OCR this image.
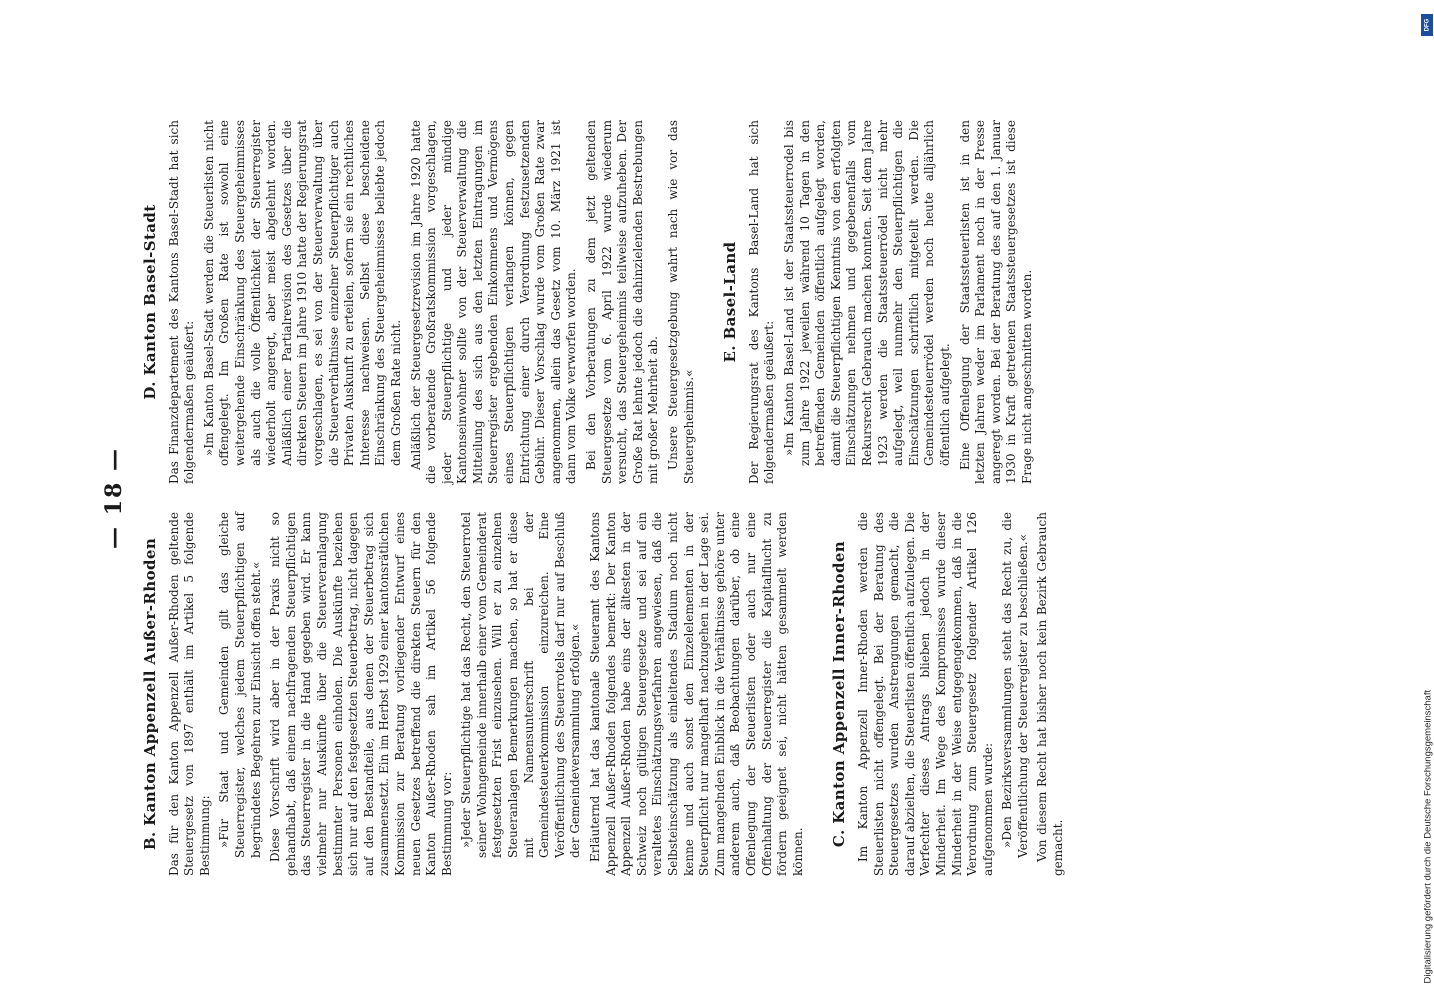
— 18 —
B. Kanton Appenzell Außer-Rhoden Das für den Kanton Appenzell Außer-Rhoden geltende Steuergesetz von 1897 enthält im Artikel 5 folgende Bestimmung: »Für Staat und Gemeinden gilt das gleiche Steuerregister, welches jedem Steuerpflichtigen auf begründetes Begehren zur Einsicht offen steht.« Diese Vorschrift wird aber in der Praxis nicht so gehandhabt, daß einem nachfragenden Steuerpflichtigen das Steuerregister in die Hand gegeben wird. Er kann vielmehr nur Auskünfte über die Steuerveranlagung bestimmter Personen einholen. Die Auskünfte beziehen sich nur auf den festgesetzten Steuerbetrag, nicht dagegen auf den Bestandteile, aus denen der Steuerbetrag sich zusammensetzt. Ein im Herbst 1929 einer kantonsrätlichen Kommission zur Beratung vorliegender Entwurf eines neuen Gesetzes betreffend die direkten Steuern für den Kanton Außer-Rhoden sah im Artikel 56 folgende Bestimmung vor: »Jeder Steuerpflichtige hat das Recht, den Steuerrotel seiner Wohngemeinde innerhalb einer vom Gemeinderat festgesetzten Frist einzusehen. Will er zu einzelnen Steueranlagen Bemerkungen machen, so hat er diese mit Namensunterschrift bei der Gemeindesteuerkommission einzureichen. Eine Veröffentlichung des Steuerrotels darf nur auf Beschluß der Gemeindeversammlung erfolgen.« Erläuternd hat das kantonale Steueramt des Kantons Appenzell Außer-Rhoden folgendes bemerkt: Der Kanton Appenzell Außer-Rhoden habe eins der ältesten in der Schweiz noch gültigen Steuergesetze und sei auf ein veraltetes Einschätzungsverfahren angewiesen, daß die Selbsteinschätzung als einleitendes Stadium noch nicht kenne und auch sonst den Einzelelementen in der Steuerpflicht nur mangelhaft nachzugehen in der Lage sei. Zum mangelnden Einblick in die Verhältnisse gehöre unter anderem auch, daß Beobachtungen darüber, ob eine Offenlegung der Steuerlisten oder auch nur eine Offenhaltung der Steuerregister die Kapitalflucht zu fördern geeignet sei, nicht hätten gesammelt werden können.

C. Kanton Appenzell Inner-Rhoden Im Kanton Appenzell Inner-Rhoden werden die Steuerlisten nicht offengelegt. Bei der Beratung des Steuergesetzes wurden Anstrengungen gemacht, die darauf abzielten, die Steuerlisten öffentlich aufzulegen. Die Verfechter dieses Antrags blieben jedoch in der Minderheit. Im Wege des Kompromisses wurde dieser Minderheit in der Weise entgegengekommen, daß in die Verordnung zum Steuergesetz folgender Artikel 126 aufgenommen wurde: »Den Bezirksversammlungen steht das Recht zu, die Veröffentlichung der Steuerregister zu beschließen.« Von diesem Recht hat bisher noch kein Bezirk Gebrauch gemacht.

D. Kanton Basel-Stadt Das Finanzdepartement des Kantons Basel-Stadt hat sich folgendermaßen geäußert: »Im Kanton Basel-Stadt werden die Steuerlisten nicht offengelegt. Im Großen Rate ist sowohl eine weitergehende Einschränkung des Steuergeheimnisses als auch die volle Öffentlichkeit der Steuerregister wiederholt angeregt, aber meist abgelehnt worden. Anläßlich einer Partialrevision des Gesetzes über die direkten Steuern im Jahre 1910 hatte der Regierungsrat vorgeschlagen, es sei von der Steuerverwaltung über die Steuerverhältnisse einzelner Steuerpflichtiger auch Privaten Auskunft zu erteilen, sofern sie ein rechtliches Interesse nachweisen. Selbst diese bescheidene Einschränkung des Steuergeheimnisses beliebte jedoch dem Großen Rate nicht. Anläßlich der Steuergesetzrevision im Jahre 1920 hatte die vorberatende Großratskommission vorgeschlagen, jeder Steuerpflichtige und jeder mündige Kantonseinwohner sollte von der Steuerverwaltung die Mitteilung des sich aus den letzten Eintragungen im Steuerregister ergebenden Einkommens und Vermögens eines Steuerpflichtigen verlangen können, gegen Entrichtung einer durch Verordnung festzusetzenden Gebühr. Dieser Vorschlag wurde vom Großen Rate zwar angenommen, allein das Gesetz vom 10. März 1921 ist dann vom Volke verworfen worden. Bei den Vorberatungen zu dem jetzt geltenden Steuergesetze vom 6. April 1922 wurde wiederum versucht, das Steuergeheimnis teilweise aufzuheben. Der Große Rat lehnte jedoch die dahinzielenden Bestrebungen mit großer Mehrheit ab. Unsere Steuergesetzgebung wahrt nach wie vor das Steuergeheimnis.«

E. Basel-Land Der Regierungsrat des Kantons Basel-Land hat sich folgendermaßen geäußert: »Im Kanton Basel-Land ist der Staatssteuerrodel bis zum Jahre 1922 jeweilen während 10 Tagen in den betreffenden Gemeinden öffentlich aufgelegt worden, damit die Steuerpflichtigen Kenntnis von den erfolgten Einschätzungen nehmen und gegebenenfalls vom Rekursrecht Gebrauch machen konnten. Seit dem Jahre 1923 werden die Staatssteuerrödel nicht mehr aufgelegt, weil nunmehr den Steuerpflichtigen die Einschätzungen schriftlich mitgeteilt werden. Die Gemeindesteuerrödel werden noch heute alljährlich öffentlich aufgelegt. Eine Offenlegung der Staatssteuerlisten ist in den letzten Jahren weder im Parlament noch in der Presse angeregt worden. Bei der Beratung des auf den 1. Januar 1930 in Kraft getretenen Staatssteuergesetzes ist diese Frage nicht angeschnitten worden.

DFG
Digitalisierung gefördert durch die Deutsche Forschungsgemeinschaft
